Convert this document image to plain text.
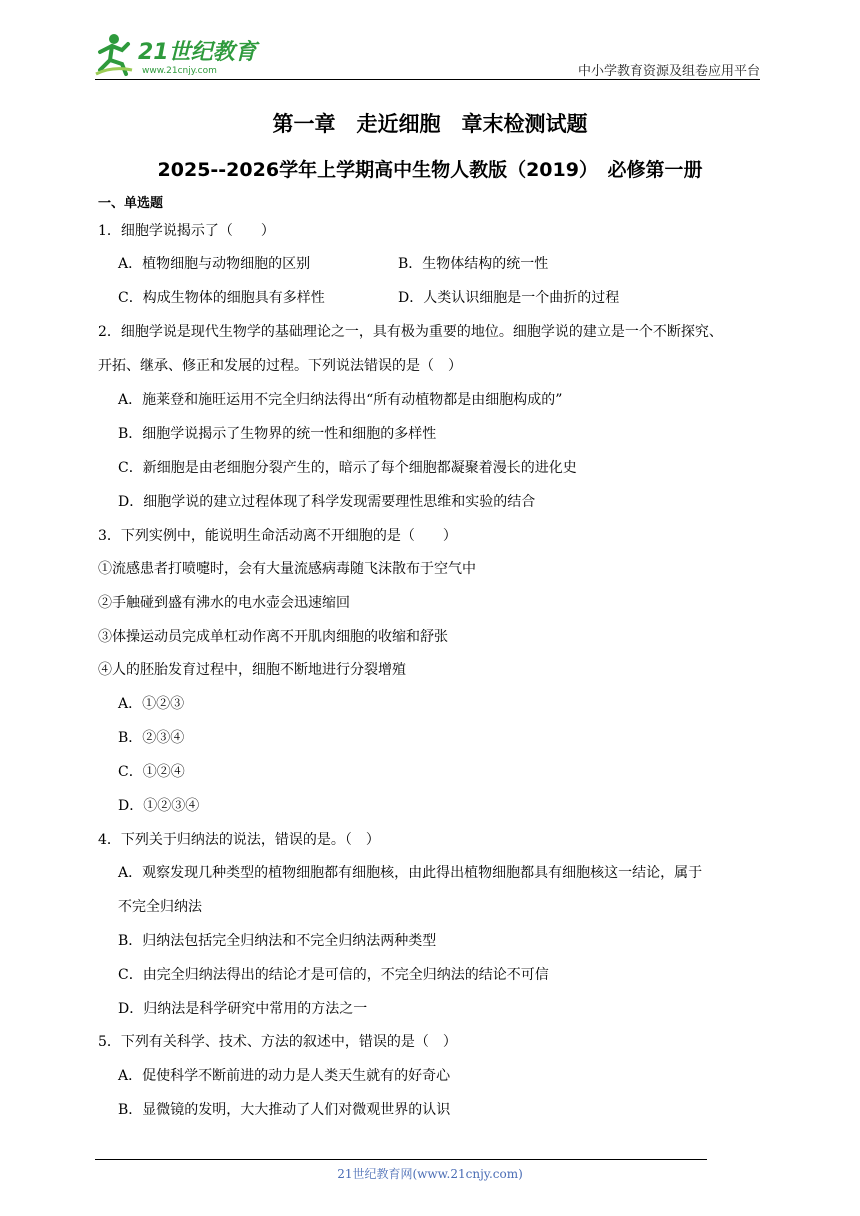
21世纪教育
www.21cnjy.com	中小学教育资源及组卷应用平台
第一章　走近细胞　章末检测试题
2025--2026学年上学期高中生物人教版（2019）　必修第一册
一、单选题
1．细胞学说揭示了（　　）
A．植物细胞与动物细胞的区别	B．生物体结构的统一性
C．构成生物体的细胞具有多样性	D．人类认识细胞是一个曲折的过程
2．细胞学说是现代生物学的基础理论之一，具有极为重要的地位。细胞学说的建立是一个不断探究、
开拓、继承、修正和发展的过程。下列说法错误的是（　）
A．施莱登和施旺运用不完全归纳法得出“所有动植物都是由细胞构成的”
B．细胞学说揭示了生物界的统一性和细胞的多样性
C．新细胞是由老细胞分裂产生的，暗示了每个细胞都凝聚着漫长的进化史
D．细胞学说的建立过程体现了科学发现需要理性思维和实验的结合
3．下列实例中，能说明生命活动离不开细胞的是（　　）
①流感患者打喷嚏时，会有大量流感病毒随飞沫散布于空气中
②手触碰到盛有沸水的电水壶会迅速缩回
③体操运动员完成单杠动作离不开肌肉细胞的收缩和舒张
④人的胚胎发育过程中，细胞不断地进行分裂增殖
A．①②③
B．②③④
C．①②④
D．①②③④
4．下列关于归纳法的说法，错误的是。（　）
A．观察发现几种类型的植物细胞都有细胞核，由此得出植物细胞都具有细胞核这一结论，属于
不完全归纳法
B．归纳法包括完全归纳法和不完全归纳法两种类型
C．由完全归纳法得出的结论才是可信的，不完全归纳法的结论不可信
D．归纳法是科学研究中常用的方法之一
5．下列有关科学、技术、方法的叙述中，错误的是（　）
A．促使科学不断前进的动力是人类天生就有的好奇心
B．显微镜的发明，大大推动了人们对微观世界的认识
21世纪教育网(www.21cnjy.com)
